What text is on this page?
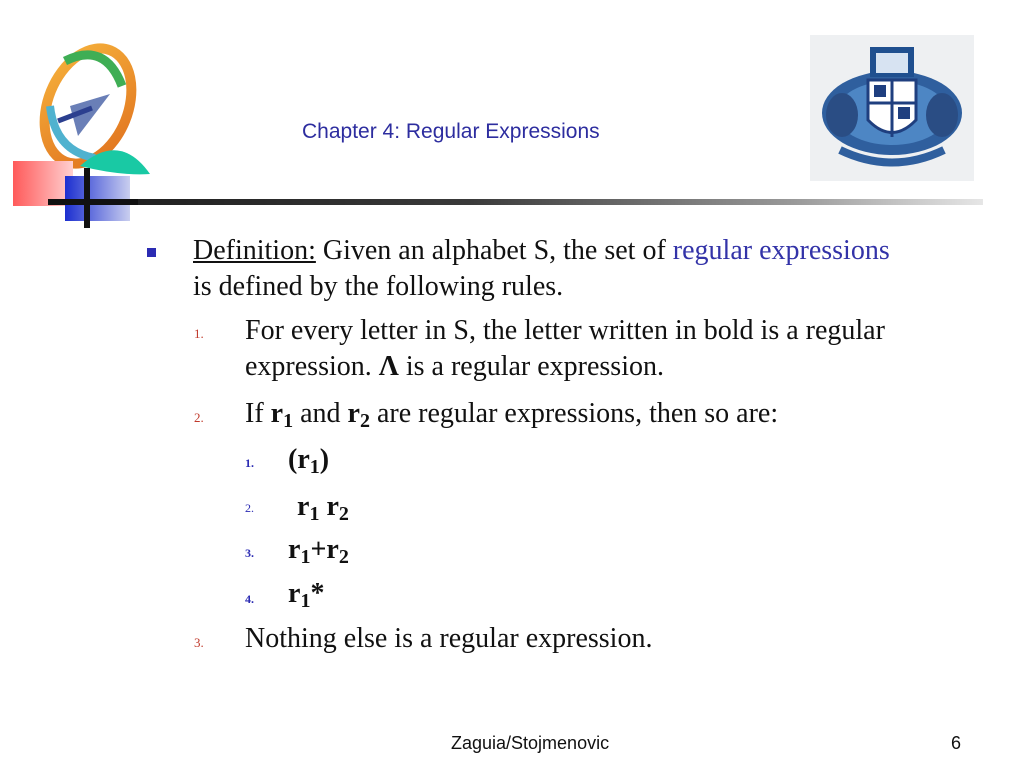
Chapter 4: Regular Expressions
Definition: Given an alphabet S, the set of regular expressions is defined by the following rules.
1. For every letter in S, the letter written in bold is a regular expression. Λ is a regular expression.
2. If $r_1$ and $r_2$ are regular expressions, then so are:
1. $(r_1)$
2. $r_1$ $r_2$
3. $r_1+r_2$
4. $r_1*$
3. Nothing else is a regular expression.
Zaguia/Stojmenovic	6
